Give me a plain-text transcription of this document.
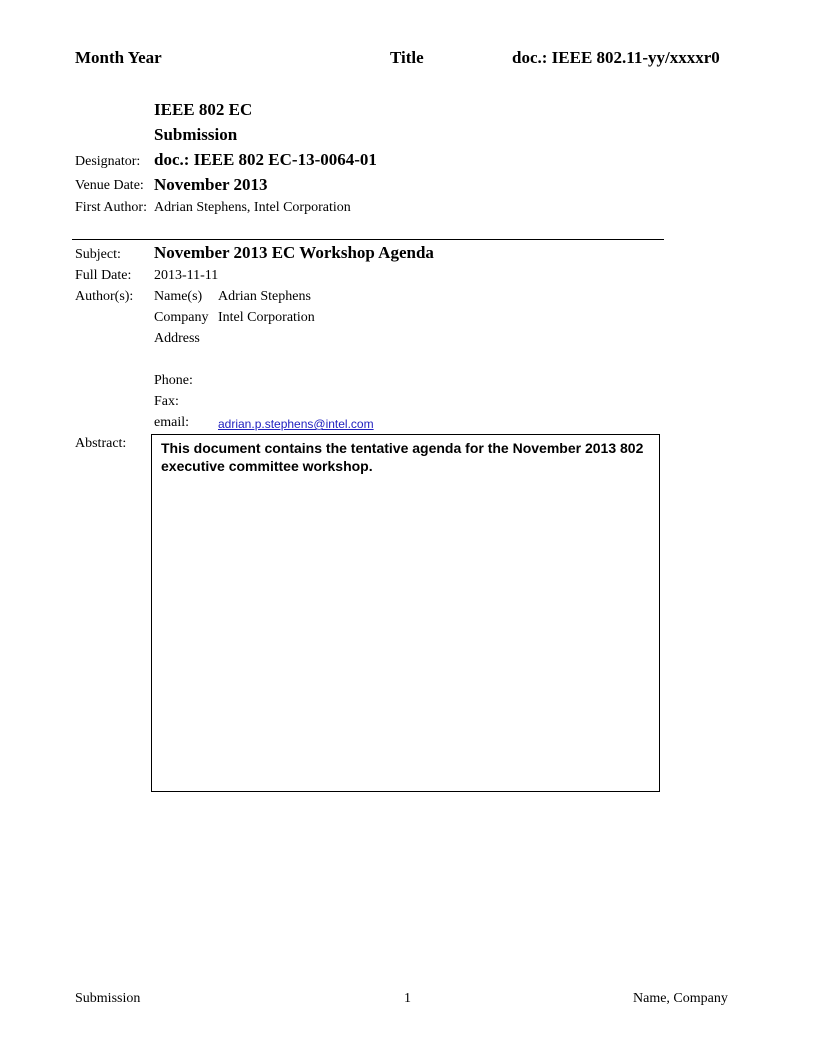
Month Year	Title	doc.: IEEE 802.11-yy/xxxxr0
IEEE 802 EC
Submission
Designator: doc.: IEEE 802 EC-13-0064-01
Venue Date: November 2013
First Author: Adrian Stephens, Intel Corporation
Subject: November 2013 EC Workshop Agenda
Full Date: 2013-11-11
Author(s): Name(s) Adrian Stephens
Company Intel Corporation
Address
Phone:
Fax:
email: adrian.p.stephens@intel.com
Abstract: This document contains the tentative agenda for the November 2013 802 executive committee workshop.
Submission	1	Name, Company
